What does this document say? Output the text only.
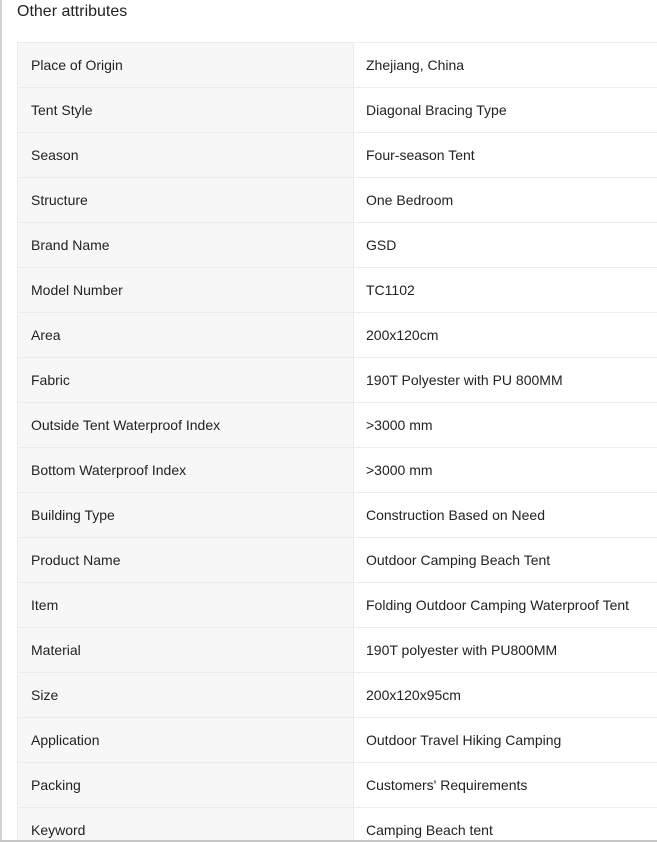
Other attributes
Place of Origin	Zhejiang, China
Tent Style	Diagonal Bracing Type
Season	Four-season Tent
Structure	One Bedroom
Brand Name	GSD
Model Number	TC1102
Area	200x120cm
Fabric	190T Polyester with PU 800MM
Outside Tent Waterproof Index	>3000 mm
Bottom Waterproof Index	>3000 mm
Building Type	Construction Based on Need
Product Name	Outdoor Camping Beach Tent
Item	Folding Outdoor Camping Waterproof Tent
Material	190T polyester with PU800MM
Size	200x120x95cm
Application	Outdoor Travel Hiking Camping
Packing	Customers' Requirements
Keyword	Camping Beach tent
